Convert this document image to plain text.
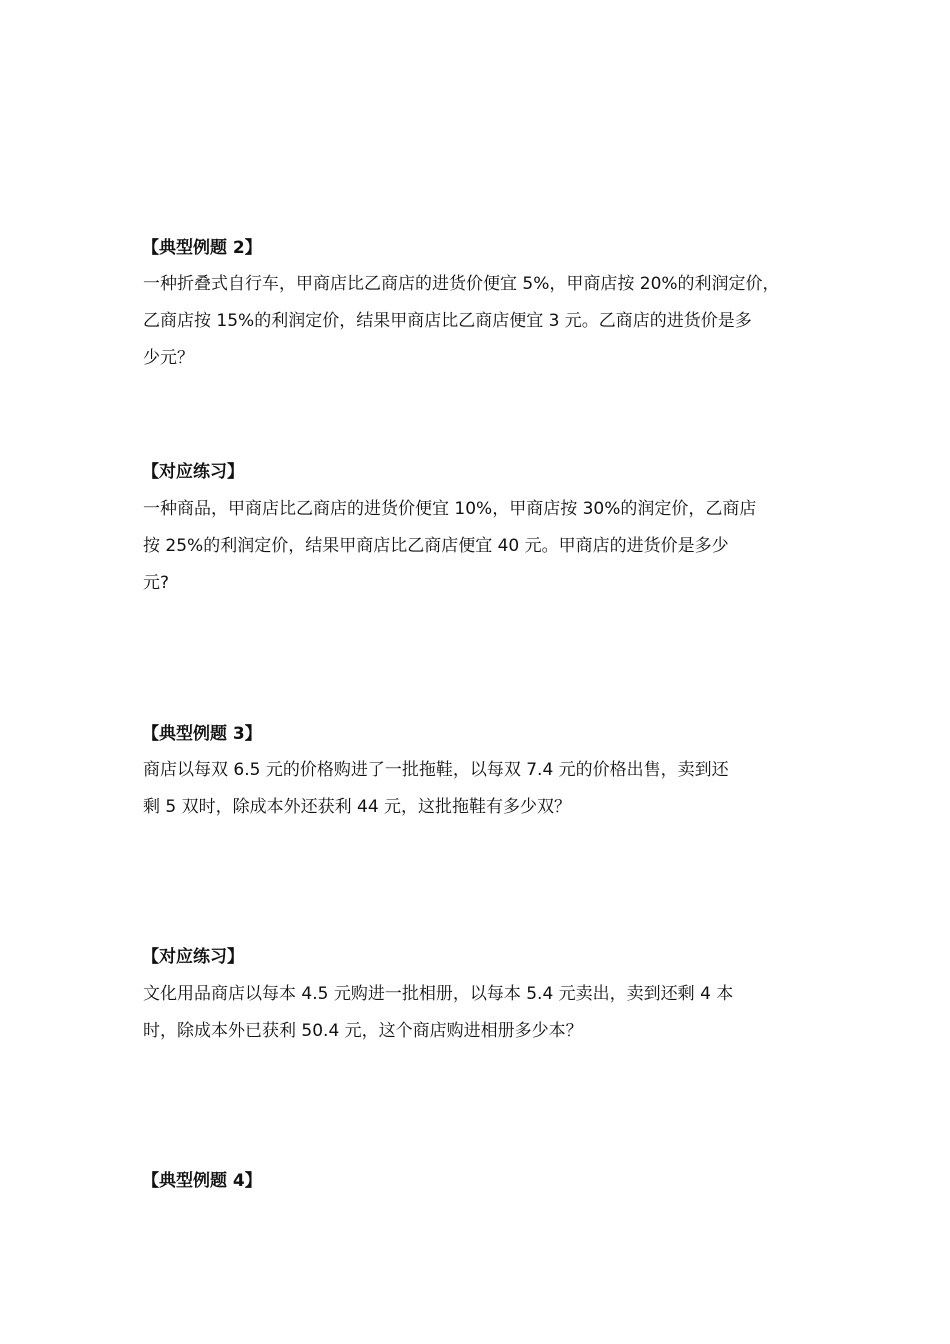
【典型例题 2】
一种折叠式自行车，甲商店比乙商店的进货价便宜 5%，甲商店按 20%的利润定价，
乙商店按 15%的利润定价，结果甲商店比乙商店便宜 3 元。乙商店的进货价是多
少元？
【对应练习】
一种商品，甲商店比乙商店的进货价便宜 10%，甲商店按 30%的润定价，乙商店
按 25%的利润定价，结果甲商店比乙商店便宜 40 元。甲商店的进货价是多少
元?
【典型例题 3】
商店以每双 6.5 元的价格购进了一批拖鞋，以每双 7.4 元的价格出售，卖到还
剩 5 双时，除成本外还获利 44 元，这批拖鞋有多少双？
【对应练习】
文化用品商店以每本 4.5 元购进一批相册，以每本 5.4 元卖出，卖到还剩 4 本
时，除成本外已获利 50.4 元，这个商店购进相册多少本？
【典型例题 4】
